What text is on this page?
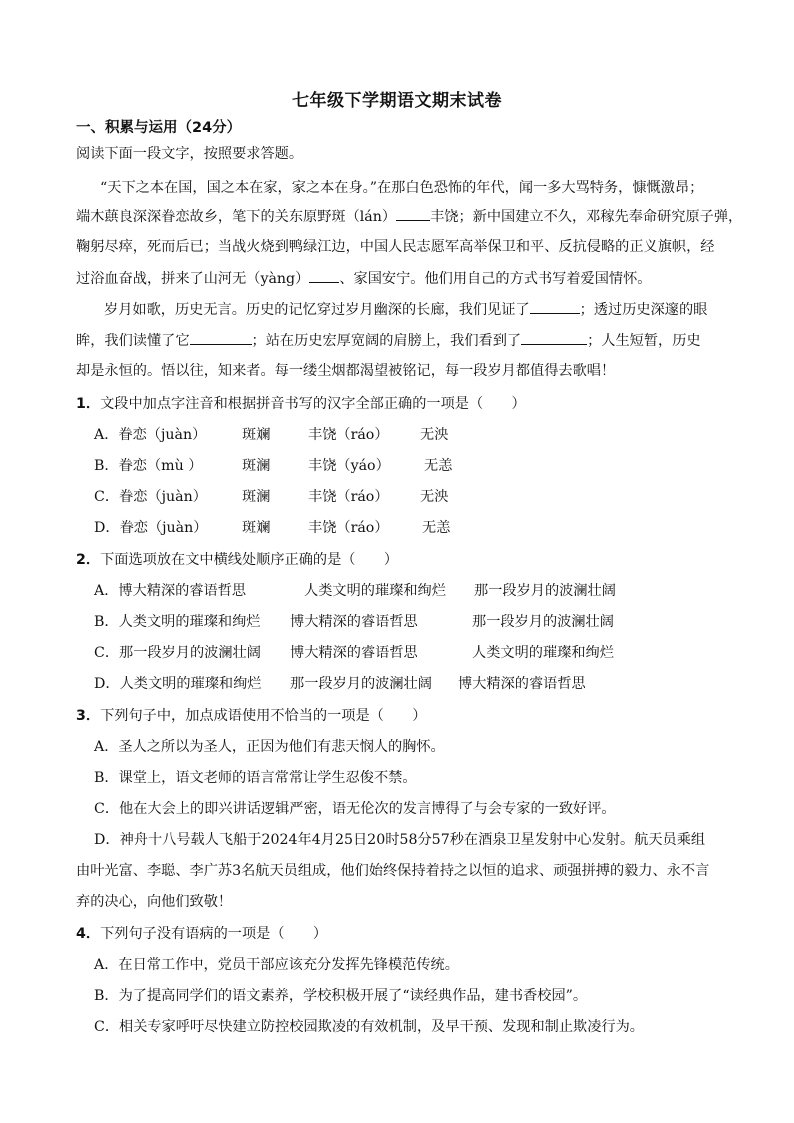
七年级下学期语文期末试卷
一、积累与运用（24分）
阅读下面一段文字，按照要求答题。
“天下之本在国，国之本在家，家之本在身。”在那白色恐怖的年代，闻一多大骂特务，慷慨激昂；
端木蕻良深深眷恋故乡，笔下的关东原野斑（lán） 丰饶；新中国建立不久，邓稼先奉命研究原子弹，
鞠躬尽瘁，死而后已；当战火烧到鸭绿江边，中国人民志愿军高举保卫和平、反抗侵略的正义旗帜，经
过浴血奋战，拼来了山河无（yàng） 、家国安宁。他们用自己的方式书写着爱国情怀。
岁月如歌，历史无言。历史的记忆穿过岁月幽深的长廊，我们见证了	；透过历史深邃的眼
眸，我们读懂了它	；站在历史宏厚宽阔的肩膀上，我们看到了	；人生短暂，历史
却是永恒的。悟以往，知来者。每一缕尘烟都渴望被铭记，每一段岁月都值得去歌唱！
1．文段中加点字注音和根据拼音书写的汉字全部正确的一项是（　　）
A．眷恋（juàn）	斑斓	丰饶（ráo） 无泱
B．眷恋（mù ）	斑澜	丰饶（yáo） 无恙
C．眷恋（juàn） 斑澜	丰饶（ráo） 无泱
D．眷恋（juàn） 斑斓	丰饶（ráo） 无恙
2．下面选项放在文中横线处顺序正确的是（　　）
A．博大精深的睿语哲思	人类文明的璀璨和绚烂 那一段岁月的波澜壮阔
B．人类文明的璀璨和绚烂 博大精深的睿语哲思	那一段岁月的波澜壮阔
C．那一段岁月的波澜壮阔 博大精深的睿语哲思	人类文明的璀璨和绚烂
D．人类文明的璀璨和绚烂 那一段岁月的波澜壮阔 博大精深的睿语哲思
3．下列句子中，加点成语使用不恰当的一项是（　　）
A．圣人之所以为圣人，正因为他们有悲天悯人的胸怀。
B．课堂上，语文老师的语言常常让学生忍俊不禁。
C．他在大会上的即兴讲话逻辑严密，语无伦次的发言博得了与会专家的一致好评。
D．神舟十八号载人飞船于2024年4月25日20时58分57秒在酒泉卫星发射中心发射。航天员乘组
由叶光富、李聪、李广苏3名航天员组成，他们始终保持着持之以恒的追求、顽强拼搏的毅力、永不言
弃的决心，向他们致敬！
4．下列句子没有语病的一项是（　　）
A．在日常工作中，党员干部应该充分发挥先锋模范传统。
B．为了提高同学们的语文素养，学校积极开展了“读经典作品，建书香校园”。
C．相关专家呼吁尽快建立防控校园欺凌的有效机制，及早干预、发现和制止欺凌行为。
